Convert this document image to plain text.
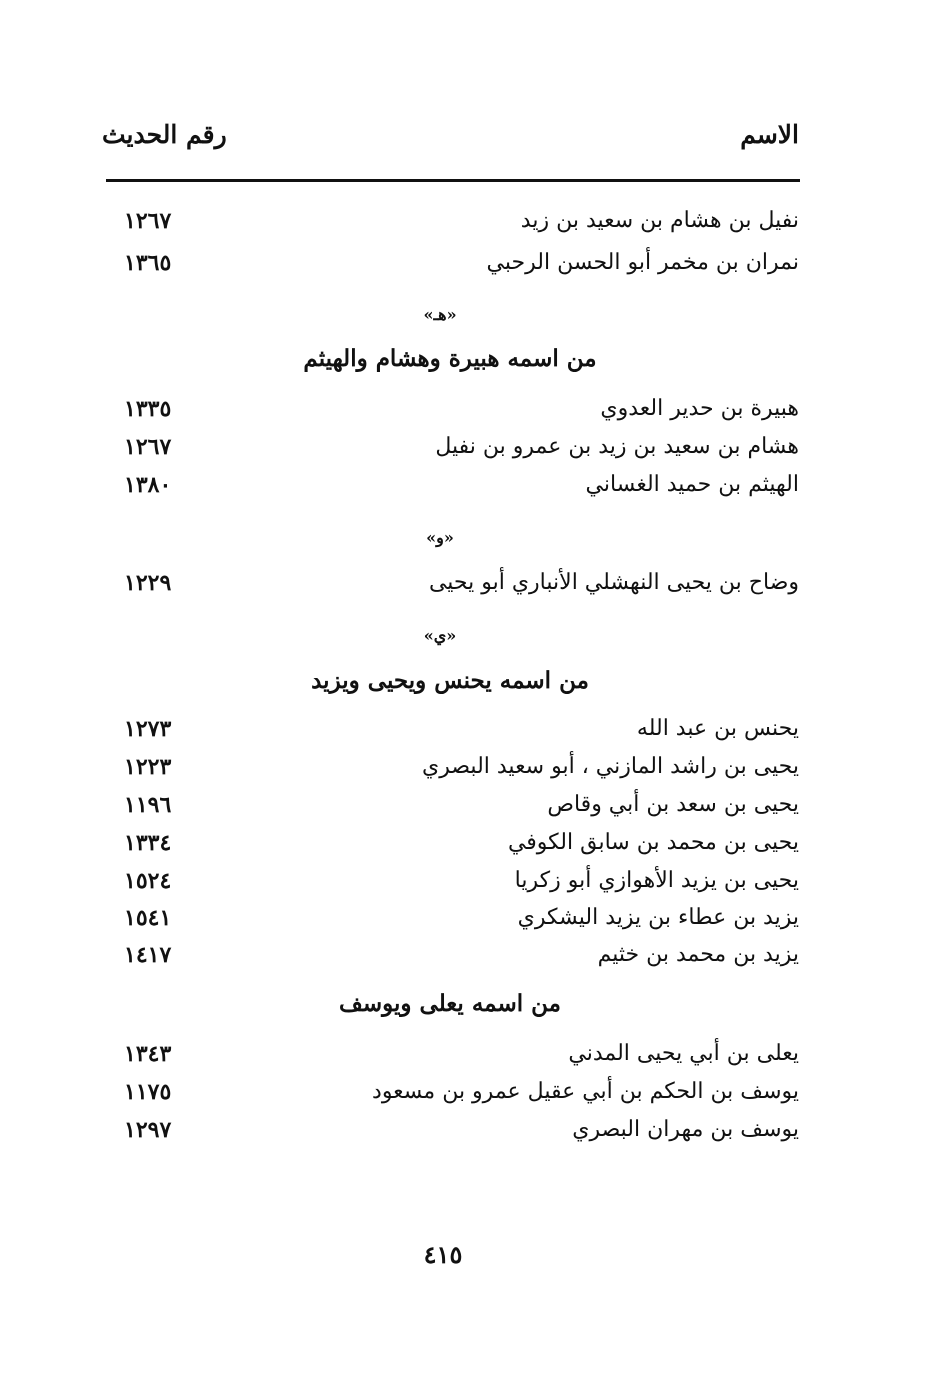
الاسم
رقم الحديث
نفيل بن هشام بن سعيد بن زيد
١٢٦٧
نمران بن مخمر أبو الحسن الرحبي
١٣٦٥
«هـ»
من اسمه هبيرة وهشام والهيثم
هبيرة بن حدير العدوي
١٣٣٥
هشام بن سعيد بن زيد بن عمرو بن نفيل
١٢٦٧
الهيثم بن حميد الغساني
١٣٨٠
«و»
وضاح بن يحيى النهشلي الأنباري أبو يحيى
١٢٢٩
«ي»
من اسمه يحنس ويحيى ويزيد
يحنس بن عبد الله
١٢٧٣
يحيى بن راشد المازني ، أبو سعيد البصري
١٢٢٣
يحيى بن سعد بن أبي وقاص
١١٩٦
يحيى بن محمد بن سابق الكوفي
١٣٣٤
يحيى بن يزيد الأهوازي أبو زكريا
١٥٢٤
يزيد بن عطاء بن يزيد اليشكري
١٥٤١
يزيد بن محمد بن خثيم
١٤١٧
من اسمه يعلى ويوسف
يعلى بن أبي يحيى المدني
١٣٤٣
يوسف بن الحكم بن أبي عقيل عمرو بن مسعود
١١٧٥
يوسف بن مهران البصري
١٢٩٧
٤١٥
